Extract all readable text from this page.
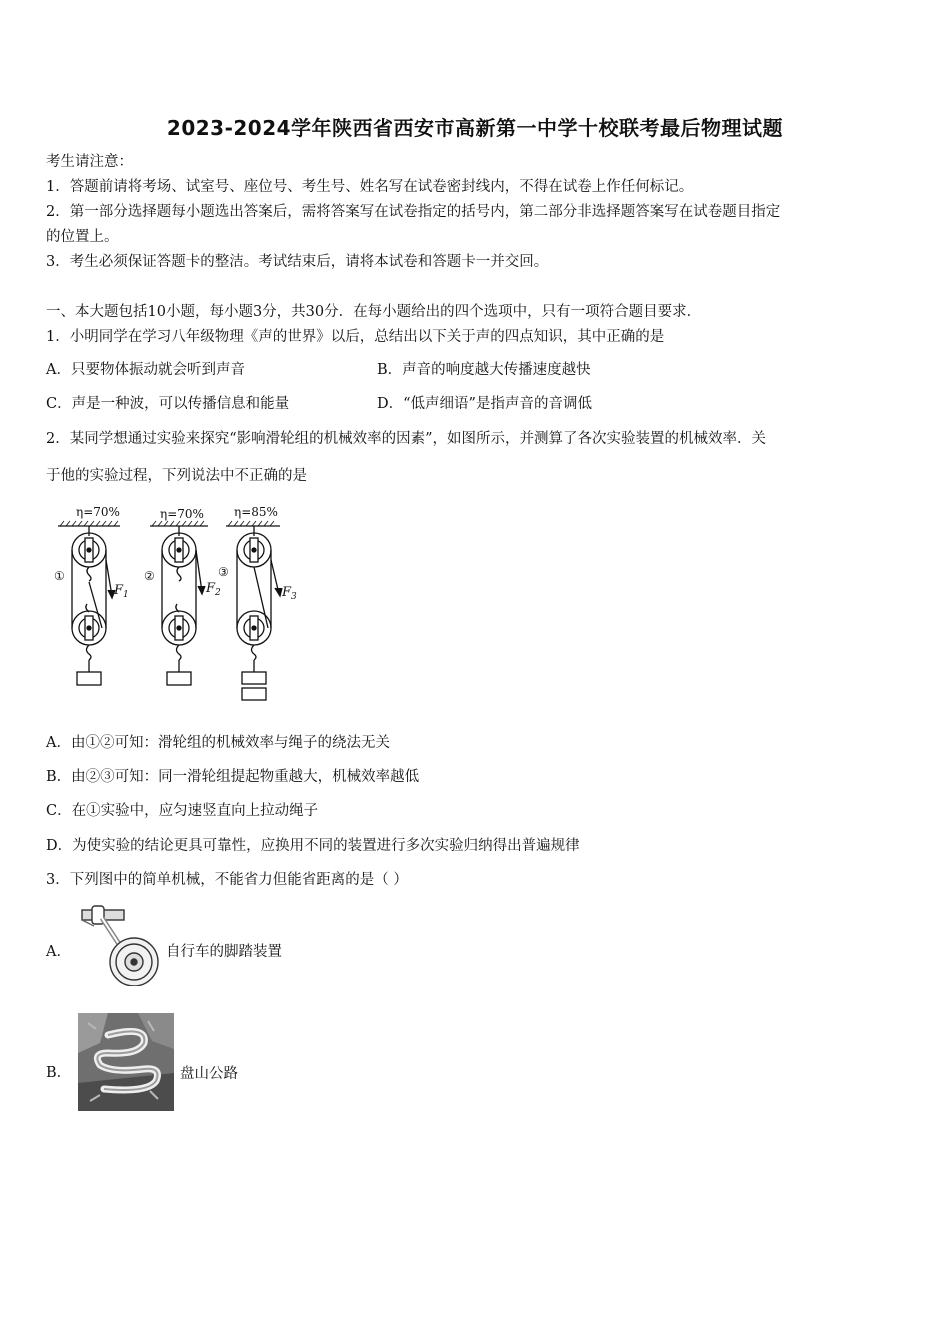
2023-2024学年陕西省西安市高新第一中学十校联考最后物理试题
考生请注意：
1．答题前请将考场、试室号、座位号、考生号、姓名写在试卷密封线内，不得在试卷上作任何标记。
2．第一部分选择题每小题选出答案后，需将答案写在试卷指定的括号内，第二部分非选择题答案写在试卷题目指定
的位置上。
3．考生必须保证答题卡的整洁。考试结束后，请将本试卷和答题卡一并交回。
一、本大题包括10小题，每小题3分，共30分．在每小题给出的四个选项中，只有一项符合题目要求．
1．小明同学在学习八年级物理《声的世界》以后，总结出以下关于声的四点知识，其中正确的是
A．只要物体振动就会听到声音	B．声音的响度越大传播速度越快
C．声是一种波，可以传播信息和能量	D．“低声细语”是指声音的音调低
2．某同学想通过实验来探究“影响滑轮组的机械效率的因素”，如图所示，并测算了各次实验装置的机械效率．关
于他的实验过程，下列说法中不正确的是
η=70%	η=70%	η=85%
①
$F_1$
②
$F_2$
③
$F_3$
A．由①②可知：滑轮组的机械效率与绳子的绕法无关
B．由②③可知：同一滑轮组提起物重越大，机械效率越低
C．在①实验中，应匀速竖直向上拉动绳子
D．为使实验的结论更具可靠性，应换用不同的装置进行多次实验归纳得出普遍规律
3．下列图中的简单机械，不能省力但能省距离的是（ ）
A．	自行车的脚踏装置
B．	盘山公路
